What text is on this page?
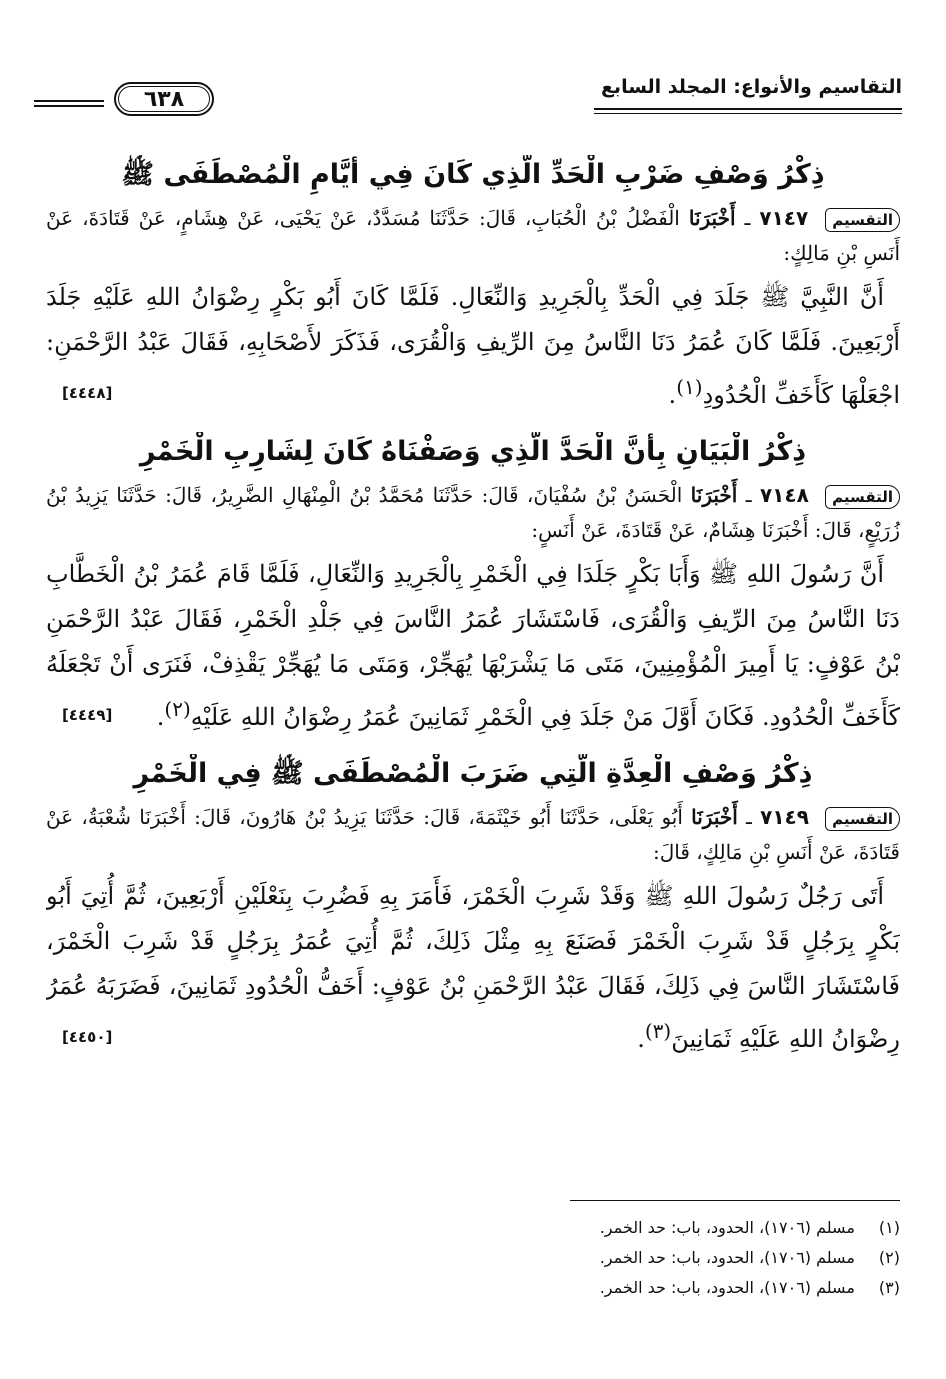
التقاسيم والأنواع: المجلد السابع
٦٣٨
ذِكْرُ وَصْفِ ضَرْبِ الْحَدِّ الَّذِي كَانَ فِي أَيَّامِ الْمُصْطَفَى ﷺ

التقسيم ٧١٤٧ ـ أَخْبَرَنَا الْفَضْلُ بْنُ الْحُبَابِ، قَالَ: حَدَّثَنَا مُسَدَّدٌ، عَنْ يَحْيَى، عَنْ هِشَامٍ، عَنْ قَتَادَةَ، عَنْ أَنَسِ بْنِ مَالِكٍ:

أَنَّ النَّبِيَّ ﷺ جَلَدَ فِي الْحَدِّ بِالْجَرِيدِ وَالنِّعَالِ. فَلَمَّا كَانَ أَبُو بَكْرٍ رِضْوَانُ اللهِ عَلَيْهِ جَلَدَ أَرْبَعِينَ. فَلَمَّا كَانَ عُمَرُ دَنَا النَّاسُ مِنَ الرِّيفِ وَالْقُرَى، فَذَكَرَ لأَصْحَابِهِ، فَقَالَ عَبْدُ الرَّحْمَنِ: اجْعَلْهَا كَأَخَفِّ الْحُدُودِ$^{(١)}$.
[٤٤٤٨]

ذِكْرُ الْبَيَانِ بِأَنَّ الْحَدَّ الَّذِي وَصَفْنَاهُ كَانَ لِشَارِبِ الْخَمْرِ

التقسيم ٧١٤٨ ـ أَخْبَرَنَا الْحَسَنُ بْنُ سُفْيَانَ، قَالَ: حَدَّثَنَا مُحَمَّدُ بْنُ الْمِنْهَالِ الضَّرِيرُ، قَالَ: حَدَّثَنَا يَزِيدُ بْنُ زُرَيْعٍ، قَالَ: أَخْبَرَنَا هِشَامٌ، عَنْ قَتَادَةَ، عَنْ أَنَسٍ:

أَنَّ رَسُولَ اللهِ ﷺ وَأَبَا بَكْرٍ جَلَدَا فِي الْخَمْرِ بِالْجَرِيدِ وَالنِّعَالِ، فَلَمَّا قَامَ عُمَرُ بْنُ الْخَطَّابِ دَنَا النَّاسُ مِنَ الرِّيفِ وَالْقُرَى، فَاسْتَشَارَ عُمَرُ النَّاسَ فِي جَلْدِ الْخَمْرِ، فَقَالَ عَبْدُ الرَّحْمَنِ بْنُ عَوْفٍ: يَا أَمِيرَ الْمُؤْمِنِينَ، مَتَى مَا يَشْرَبْهَا يُهَجِّرْ، وَمَتَى مَا يُهَجِّرْ يَقْذِفْ، فَنَرَى أَنْ تَجْعَلَهُ كَأَخَفِّ الْحُدُودِ. فَكَانَ أَوَّلَ مَنْ جَلَدَ فِي الْخَمْرِ ثَمَانِينَ عُمَرُ رِضْوَانُ اللهِ عَلَيْهِ$^{(٢)}$.
[٤٤٤٩]

ذِكْرُ وَصْفِ الْعِدَّةِ الَّتِي ضَرَبَ الْمُصْطَفَى ﷺ فِي الْخَمْرِ

التقسيم ٧١٤٩ ـ أَخْبَرَنَا أَبُو يَعْلَى، حَدَّثَنَا أَبُو خَيْثَمَةَ، قَالَ: حَدَّثَنَا يَزِيدُ بْنُ هَارُونَ، قَالَ: أَخْبَرَنَا شُعْبَةُ، عَنْ قَتَادَةَ، عَنْ أَنَسِ بْنِ مَالِكٍ، قَالَ:

أَتَى رَجُلٌ رَسُولَ اللهِ ﷺ وَقَدْ شَرِبَ الْخَمْرَ، فَأَمَرَ بِهِ فَضُرِبَ بِنَعْلَيْنِ أَرْبَعِينَ، ثُمَّ أُتِيَ أَبُو بَكْرٍ بِرَجُلٍ قَدْ شَرِبَ الْخَمْرَ فَصَنَعَ بِهِ مِثْلَ ذَلِكَ، ثُمَّ أُتِيَ عُمَرُ بِرَجُلٍ قَدْ شَرِبَ الْخَمْرَ، فَاسْتَشَارَ النَّاسَ فِي ذَلِكَ، فَقَالَ عَبْدُ الرَّحْمَنِ بْنُ عَوْفٍ: أَخَفُّ الْحُدُودِ ثَمَانِينَ، فَضَرَبَهُ عُمَرُ رِضْوَانُ اللهِ عَلَيْهِ ثَمَانِينَ$^{(٣)}$.
[٤٤٥٠]

(١) مسلم (١٧٠٦)، الحدود، باب: حد الخمر.
(٢) مسلم (١٧٠٦)، الحدود، باب: حد الخمر.
(٣) مسلم (١٧٠٦)، الحدود، باب: حد الخمر.
